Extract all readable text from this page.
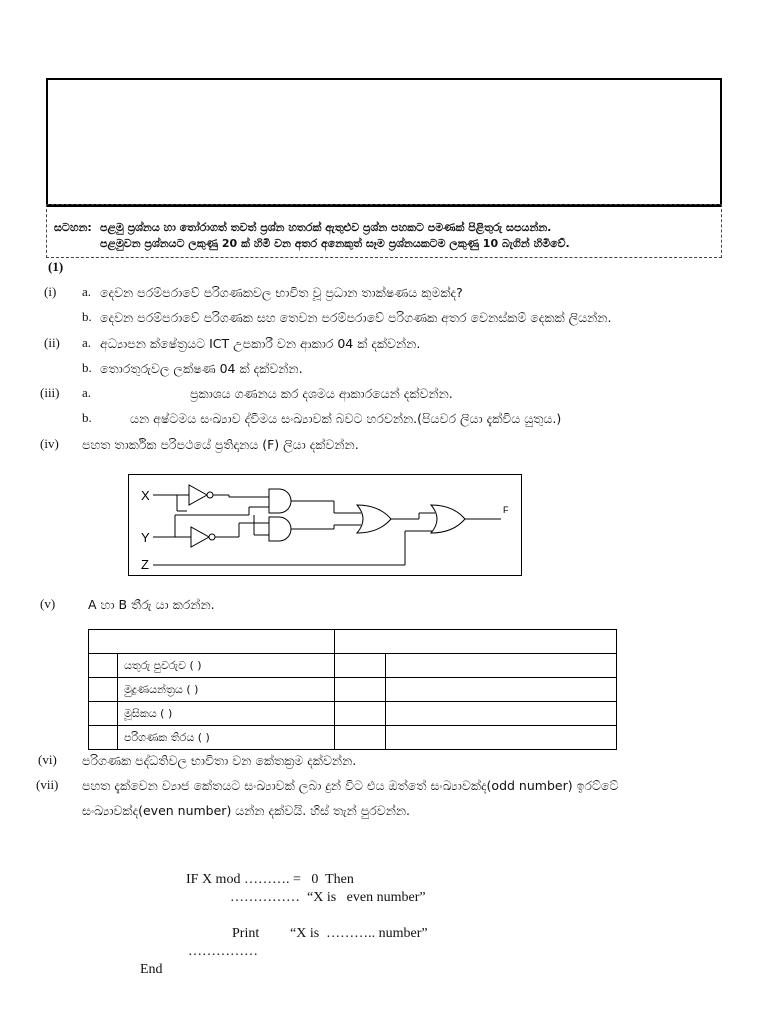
සටහන: පළමු ප්‍රශ්නය හා තෝරාගත් තවත් ප්‍රශ්න හතරක් ඇතුළුව ප්‍රශ්න පහකට පමණක් පිළිතුරු සපයන්න.
පළමුවන ප්‍රශ්නයට ලකුණු 20 ක් හිමි වන අතර අනෙකුත් සෑම ප්‍රශ්නයකටම ලකුණු 10 බැගින් හිමිවේ.
(1)
(i) a. දෙවන පරම්පරාවේ පරිගණකවල භාවිත වූ ප්‍රධාන තාක්ෂණය කුමක්ද?
b. දෙවන පරම්පරාවේ පරිගණක සහ තෙවන පරම්පරාවේ පරිගණක අතර වෙනස්කම් දෙකක් ලියන්න.
(ii) a. අධ්‍යාපන ක්ෂේත්‍රයට ICT උපකාරී වන ආකාර 04 ක් දක්වන්න.
b. තොරතුරුවල ලක්ෂණ 04 ක් දක්වන්න.
(iii) a.	ප්‍රකාශය ගණනය කර දශමය ආකාරයෙන් දක්වන්න.
b.	යන අෂ්ටමය සංඛ්‍යාව ද්වීමය සංඛ්‍යාවක් බවට හරවන්න.(පියවර ලියා දැක්විය යුතුය.)
(iv) පහත තාර්කික පරිපථයේ ප්‍රතිදානය (F) ලියා දක්වන්න.
X
Y
Z
F
(v)	A හා B තීරු යා කරන්න.

	යතුරු පුවරුව ( )		
	මුද්‍රණයන්ත්‍රය ( )		
	මූසිකය ( )		
	පරිගණක තිරය ( )		
(vi) පරිගණක පද්ධතිවල භාවිතා වන කේතක්‍රම දක්වන්න.
(vii) පහත දැක්වෙන ව්‍යාජ කේතයට සංඛ්‍යාවක් ලබා දුන් විට එය ඔත්තේ සංඛ්‍යාවක්ද(odd number) ඉරට්ටේ
සංඛ්‍යාවක්ද(even number) යන්න දක්වයි. හිස් තැන් පුරවන්න.
IF X mod ………. =   0  Then
……………  “X is   even number”
Print “X is  ……….. number”
……………
End
